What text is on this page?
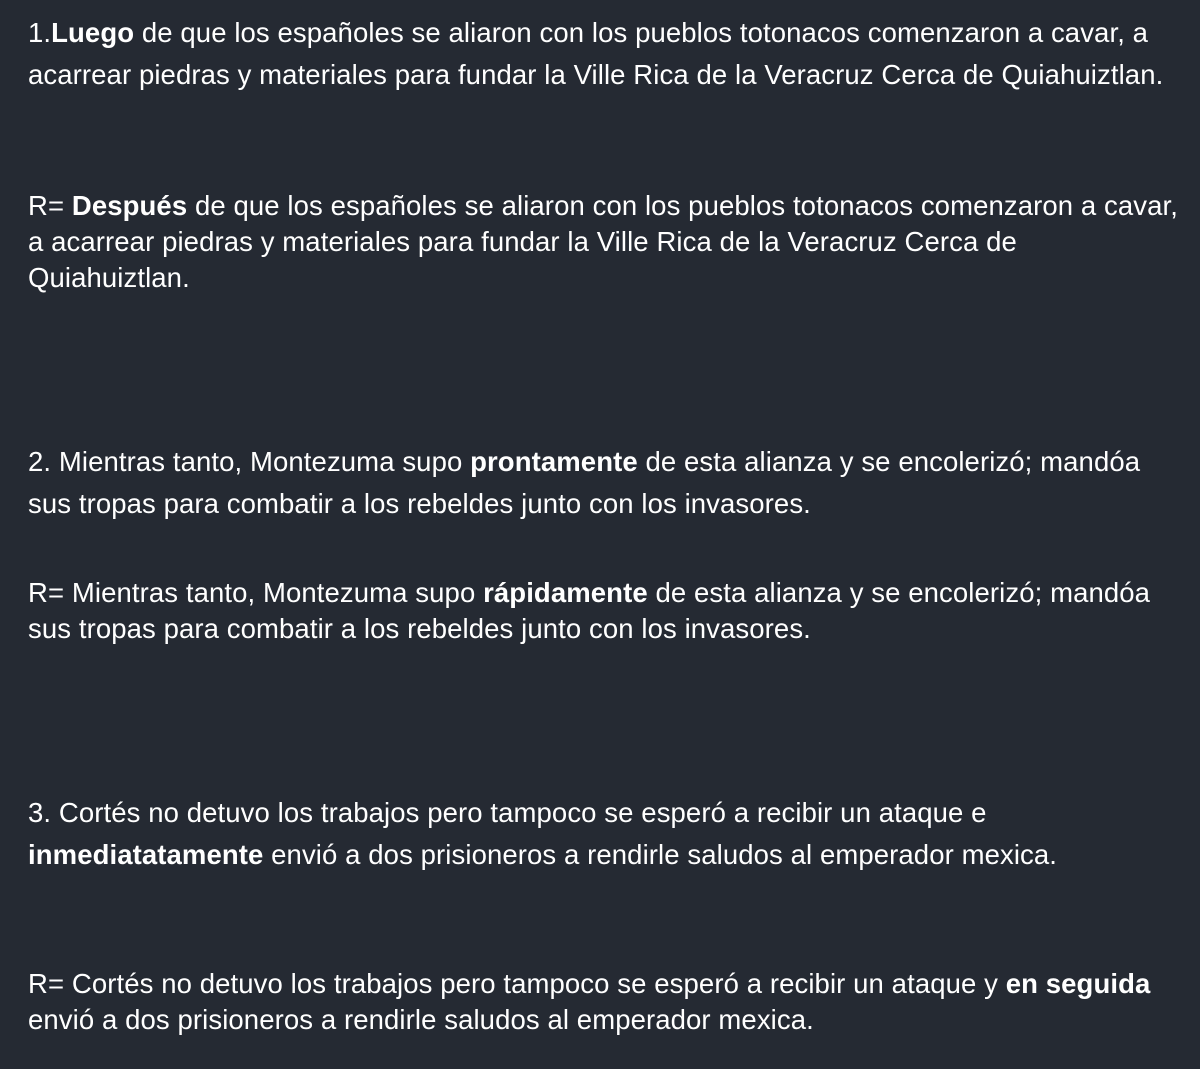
1.Luego de que los españoles se aliaron con los pueblos totonacos comenzaron a cavar, a acarrear piedras y materiales para fundar la Ville Rica de la Veracruz Cerca de Quiahuiztlan.
R= Después de que los españoles se aliaron con los pueblos totonacos comenzaron a cavar, a acarrear piedras y materiales para fundar la Ville Rica de la Veracruz Cerca de Quiahuiztlan.
2. Mientras tanto, Montezuma supo prontamente de esta alianza y se encolerizó; mandóa sus tropas para combatir a los rebeldes junto con los invasores.
R= Mientras tanto, Montezuma supo rápidamente de esta alianza y se encolerizó; mandóa sus tropas para combatir a los rebeldes junto con los invasores.
3. Cortés no detuvo los trabajos pero tampoco se esperó a recibir un ataque e inmediatatamente envió a dos prisioneros a rendirle saludos al emperador mexica.
R= Cortés no detuvo los trabajos pero tampoco se esperó a recibir un ataque y en seguida envió a dos prisioneros a rendirle saludos al emperador mexica.
